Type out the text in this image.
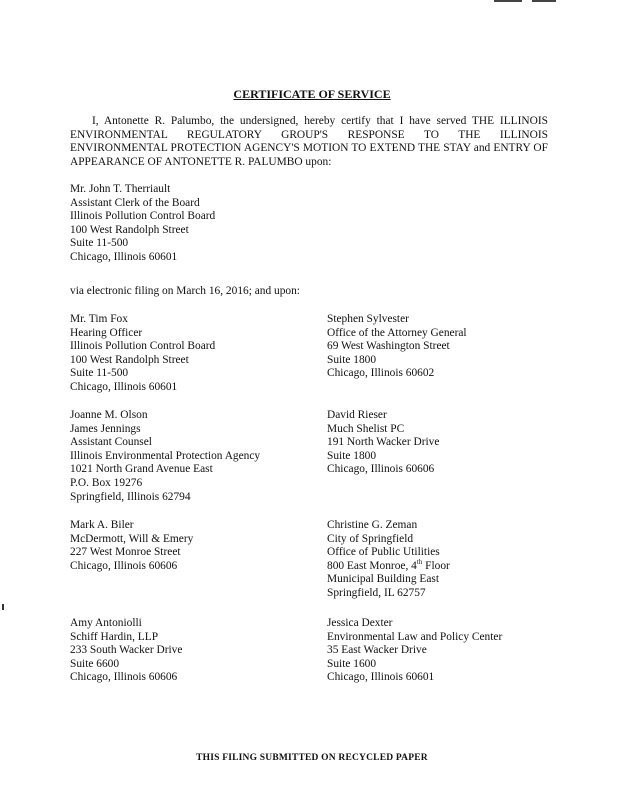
CERTIFICATE OF SERVICE
I, Antonette R. Palumbo, the undersigned, hereby certify that I have served THE ILLINOIS ENVIRONMENTAL REGULATORY GROUP'S RESPONSE TO THE ILLINOIS ENVIRONMENTAL PROTECTION AGENCY'S MOTION TO EXTEND THE STAY and ENTRY OF APPEARANCE OF ANTONETTE R. PALUMBO upon:
Mr. John T. Therriault
Assistant Clerk of the Board
Illinois Pollution Control Board
100 West Randolph Street
Suite 11-500
Chicago, Illinois 60601
via electronic filing on March 16, 2016; and upon:
Mr. Tim Fox
Hearing Officer
Illinois Pollution Control Board
100 West Randolph Street
Suite 11-500
Chicago, Illinois 60601
Stephen Sylvester
Office of the Attorney General
69 West Washington Street
Suite 1800
Chicago, Illinois 60602
Joanne M. Olson
James Jennings
Assistant Counsel
Illinois Environmental Protection Agency
1021 North Grand Avenue East
P.O. Box 19276
Springfield, Illinois 62794
David Rieser
Much Shelist PC
191 North Wacker Drive
Suite 1800
Chicago, Illinois 60606
Mark A. Biler
McDermott, Will & Emery
227 West Monroe Street
Chicago, Illinois 60606
Christine G. Zeman
City of Springfield
Office of Public Utilities
800 East Monroe, 4th Floor
Municipal Building East
Springfield, IL 62757
Amy Antoniolli
Schiff Hardin, LLP
233 South Wacker Drive
Suite 6600
Chicago, Illinois 60606
Jessica Dexter
Environmental Law and Policy Center
35 East Wacker Drive
Suite 1600
Chicago, Illinois 60601
THIS FILING SUBMITTED ON RECYCLED PAPER
